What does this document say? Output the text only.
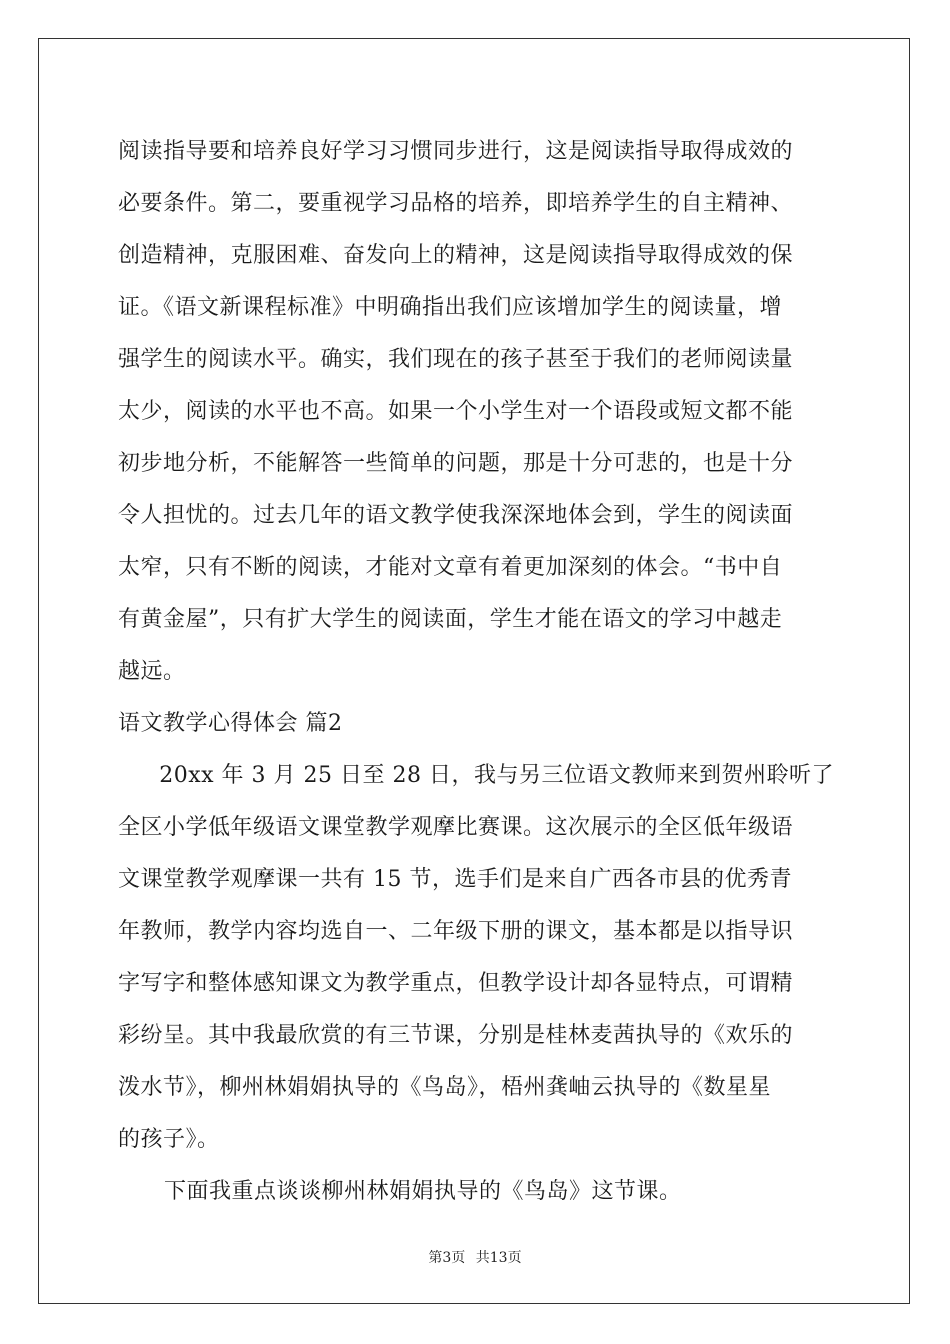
阅读指导要和培养良好学习习惯同步进行，这是阅读指导取得成效的
必要条件。第二，要重视学习品格的培养，即培养学生的自主精神、
创造精神，克服困难、奋发向上的精神，这是阅读指导取得成效的保
证。《语文新课程标准》中明确指出我们应该增加学生的阅读量，增
强学生的阅读水平。确实，我们现在的孩子甚至于我们的老师阅读量
太少，阅读的水平也不高。如果一个小学生对一个语段或短文都不能
初步地分析，不能解答一些简单的问题，那是十分可悲的，也是十分
令人担忧的。过去几年的语文教学使我深深地体会到，学生的阅读面
太窄，只有不断的阅读，才能对文章有着更加深刻的体会。“书中自
有黄金屋”，只有扩大学生的阅读面，学生才能在语文的学习中越走
越远。
语文教学心得体会 篇2
20xx 年 3 月 25 日至 28 日，我与另三位语文教师来到贺州聆听了
全区小学低年级语文课堂教学观摩比赛课。这次展示的全区低年级语
文课堂教学观摩课一共有 15 节，选手们是来自广西各市县的优秀青
年教师，教学内容均选自一、二年级下册的课文，基本都是以指导识
字写字和整体感知课文为教学重点，但教学设计却各显特点，可谓精
彩纷呈。其中我最欣赏的有三节课，分别是桂林麦茜执导的《欢乐的
泼水节》，柳州林娟娟执导的《鸟岛》，梧州龚岫云执导的《数星星
的孩子》。
下面我重点谈谈柳州林娟娟执导的《鸟岛》这节课。
第3页 共13页
